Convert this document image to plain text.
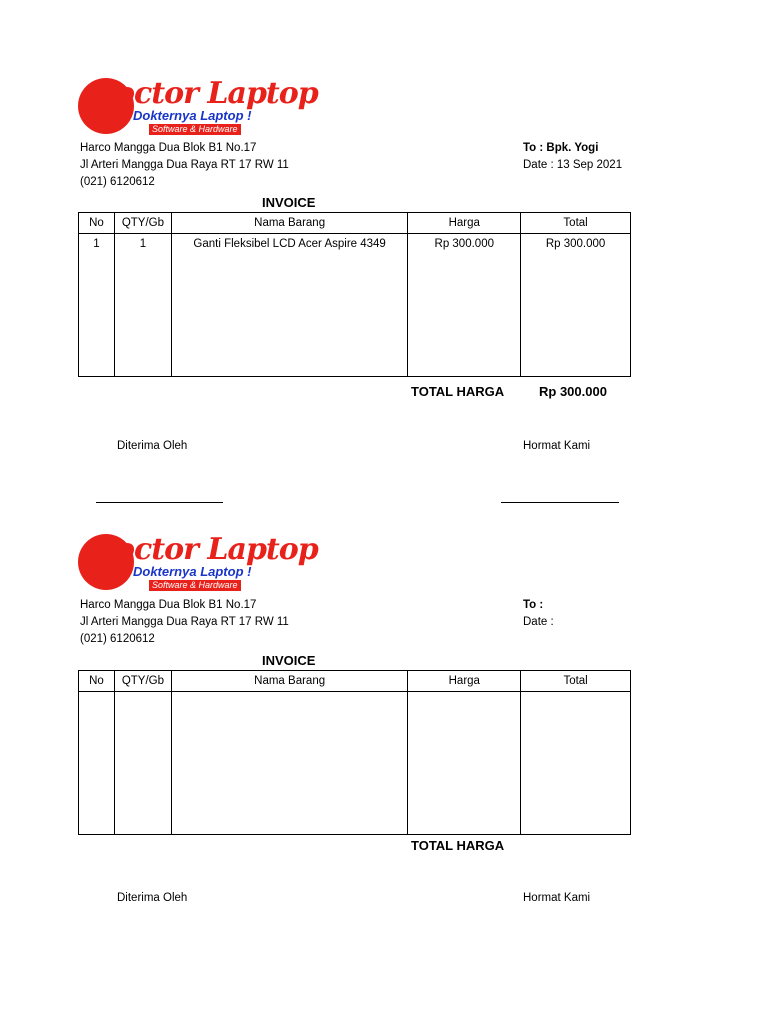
Doctor Laptop
Dokternya Laptop !
Software & Hardware
Harco Mangga Dua Blok B1 No.17
Jl Arteri Mangga Dua Raya RT 17 RW 11
(021) 6120612
To : Bpk. Yogi
Date : 13 Sep 2021
INVOICE
No	QTY/Gb	Nama Barang	Harga	Total
1	1	Ganti Fleksibel LCD Acer Aspire 4349	Rp 300.000	Rp 300.000
TOTAL HARGA	Rp 300.000
Diterima Oleh	Hormat Kami
Doctor Laptop
Dokternya Laptop !
Software & Hardware
Harco Mangga Dua Blok B1 No.17
Jl Arteri Mangga Dua Raya RT 17 RW 11
(021) 6120612
To :
Date :
INVOICE
No	QTY/Gb	Nama Barang	Harga	Total

TOTAL HARGA
Diterima Oleh	Hormat Kami
